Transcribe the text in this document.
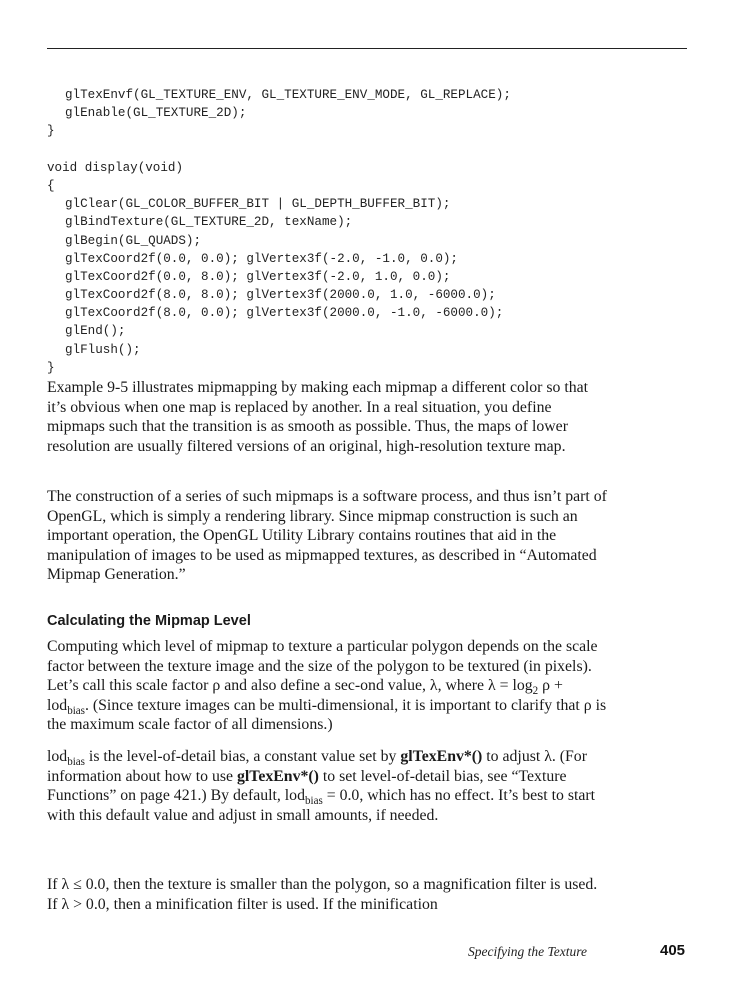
glTexEnvf(GL_TEXTURE_ENV, GL_TEXTURE_ENV_MODE, GL_REPLACE);
glEnable(GL_TEXTURE_2D);
}
void display(void)
{
glClear(GL_COLOR_BUFFER_BIT | GL_DEPTH_BUFFER_BIT);
glBindTexture(GL_TEXTURE_2D, texName);
glBegin(GL_QUADS);
glTexCoord2f(0.0, 0.0); glVertex3f(-2.0, -1.0, 0.0);
glTexCoord2f(0.0, 8.0); glVertex3f(-2.0, 1.0, 0.0);
glTexCoord2f(8.0, 8.0); glVertex3f(2000.0, 1.0, -6000.0);
glTexCoord2f(8.0, 0.0); glVertex3f(2000.0, -1.0, -6000.0);
glEnd();
glFlush();
}

Example 9-5 illustrates mipmapping by making each mipmap a different color so that it’s obvious when one map is replaced by another. In a real situation, you define mipmaps such that the transition is as smooth as possible. Thus, the maps of lower resolution are usually filtered versions of an original, high-resolution texture map.

The construction of a series of such mipmaps is a software process, and thus isn’t part of OpenGL, which is simply a rendering library. Since mipmap construction is such an important operation, the OpenGL Utility Library contains routines that aid in the manipulation of images to be used as mipmapped textures, as described in “Automated Mipmap Generation.”

Calculating the Mipmap Level

Computing which level of mipmap to texture a particular polygon depends on the scale factor between the texture image and the size of the polygon to be textured (in pixels). Let’s call this scale factor ρ and also define a sec-ond value, λ, where $\lambda = \log_2 \rho + lod_{bias}$. (Since texture images can be multi-dimensional, it is important to clarify that ρ is the maximum scale factor of all dimensions.)

lod$_{bias}$ is the level-of-detail bias, a constant value set by glTexEnv*() to adjust λ. (For information about how to use glTexEnv*() to set level-of-detail bias, see “Texture Functions” on page 421.) By default, lod$_{bias}$ = 0.0, which has no effect. It’s best to start with this default value and adjust in small amounts, if needed.

If λ ≤ 0.0, then the texture is smaller than the polygon, so a magnification filter is used. If λ > 0.0, then a minification filter is used. If the minification

Specifying the Texture	405
